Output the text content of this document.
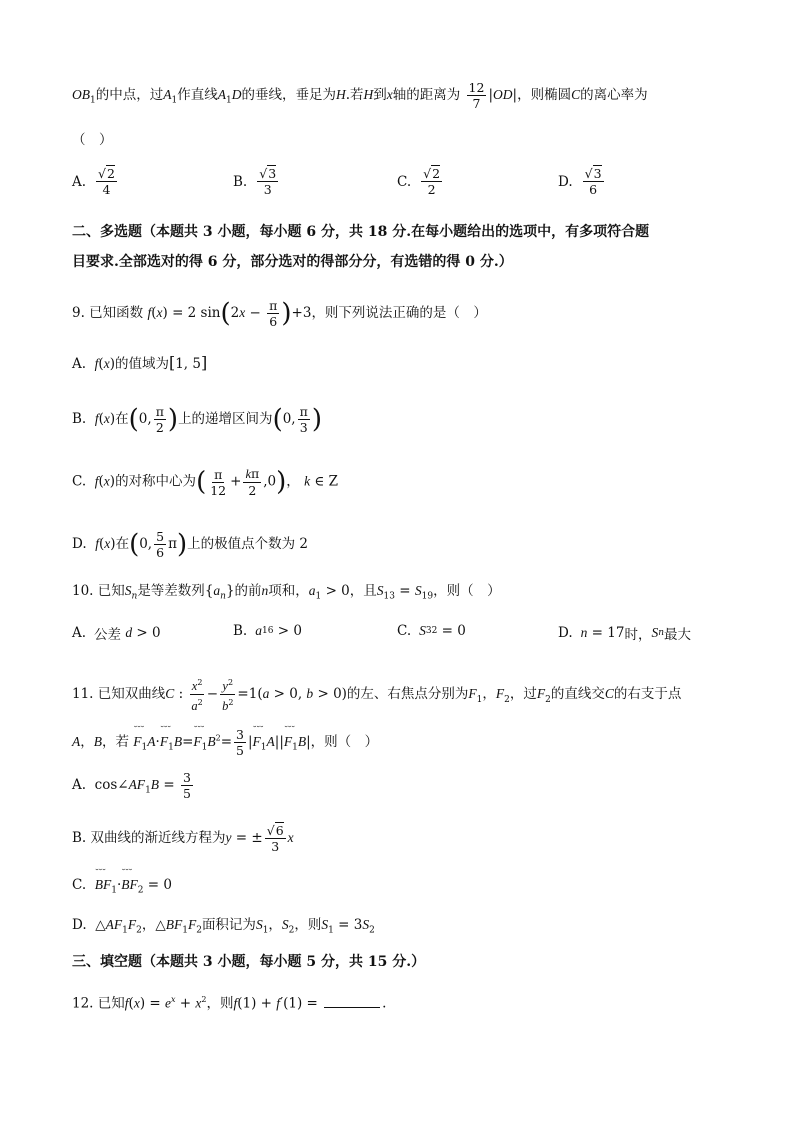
$OB_1$的中点，过$A_1$作直线$A_1D$的垂线，垂足为H.若H到x轴的距离为 $\frac{12}{7} |OD|$，则椭圆C的离心率为
（　）
A. $\frac{√2}{4}$	B. $\frac{√3}{3}$	C. $\frac{√2}{2}$	D. $\frac{√3}{6}$
二、多选题（本题共 3 小题，每小题 6 分，共 18 分.在每小题给出的选项中，有多项符合题
目要求.全部选对的得 6 分，部分选对的得部分分，有选错的得 0 分.）
9. 已知函数 f(x) = 2 $\sin(2x - \frac{\pi}{6} )+3$，则下列说法正确的是（　）
A. f(x)的值域为[1, 5]
B. f(x)在(0, $\frac{\pi}{2}$ )上的递增区间为(0, $\frac{\pi}{3}$ )
C. f(x)的对称中心为( $\frac{\pi}{12} + \frac{k\pi}{2} ,0$)， k ∈ Z
D. f(x)在(0, $\frac{5}{6} \pi$)上的极值点个数为 2
10. 已知$S_n$是等差数列$\{a_n\}$的前n项和，$a_1 > 0$，且$S_{13} = S_{19}$，则（　）
A. 公差
d > 0	B. a 16 > 0	C. S 32 = 0	D. n = 17 时， S n 最大
11. 已知双曲线C : $\frac{x^2}{a^2} - \frac{y^2}{b^2} =1(a > 0$, b > 0)的左、右焦点分别为$F_1$，$F_2$，过$F_2$的直线交C的右支于点
A，B，若 ˘˘˘ $F_1A\cdot˘˘˘$ $F_1B=˘˘˘$ $F_1B^2= \frac{3}{5}$ |˘˘˘ $F_1A||˘˘˘$ $F_1B|$，则（　）
A.  $\cos\angle AF_1B = \frac{3}{5}$
B. 双曲线的渐近线方程为y = ± $\frac{√6}{3}$ x
C. ˘˘˘ $BF_1\cdot˘˘˘$ $BF_2 = 0$
D.  $\triangle AF_1F_2$，$\triangle BF_1F_2$面积记为$S_1$，$S_2$，则$S_1 = 3S_2$
三、填空题（本题共 3 小题，每小题 5 分，共 15 分.）
12. 已知$f(x) = e^x + x^2$，则f(1) + f′(1) =	.
